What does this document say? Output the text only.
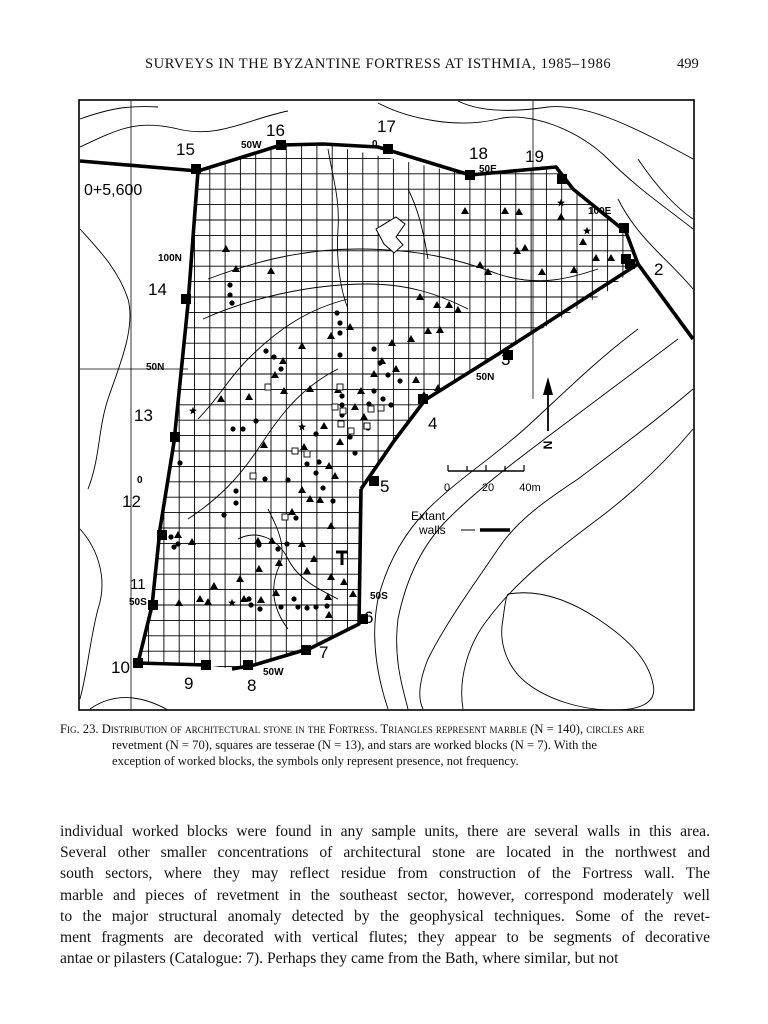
SURVEYS IN THE BYZANTINE FORTRESS AT ISTHMIA, 1985–1986	499
15
16	17
18 19
2
3
4
5
6
7
8
9
10
11
12
13
14
50W	0
50E
100E
100N
50N
0
50S
50S
50W
0
50N
0+5,600
N
0	20 40m
Extant
walls
Fig. 23. Distribution of architectural stone in the Fortress. Triangles represent marble (N = 140), circles are
revetment (N = 70), squares are tesserae (N = 13), and stars are worked blocks (N = 7). With the
exception of worked blocks, the symbols only represent presence, not frequency.
individual worked blocks were found in any sample units, there are several walls in this area.
Several other smaller concentrations of architectural stone are located in the northwest and
south sectors, where they may reflect residue from construction of the Fortress wall. The
marble and pieces of revetment in the southeast sector, however, correspond moderately well
to the major structural anomaly detected by the geophysical techniques. Some of the revet-
ment fragments are decorated with vertical flutes; they appear to be segments of decorative
antae or pilasters (Catalogue: 7). Perhaps they came from the Bath, where similar, but not
